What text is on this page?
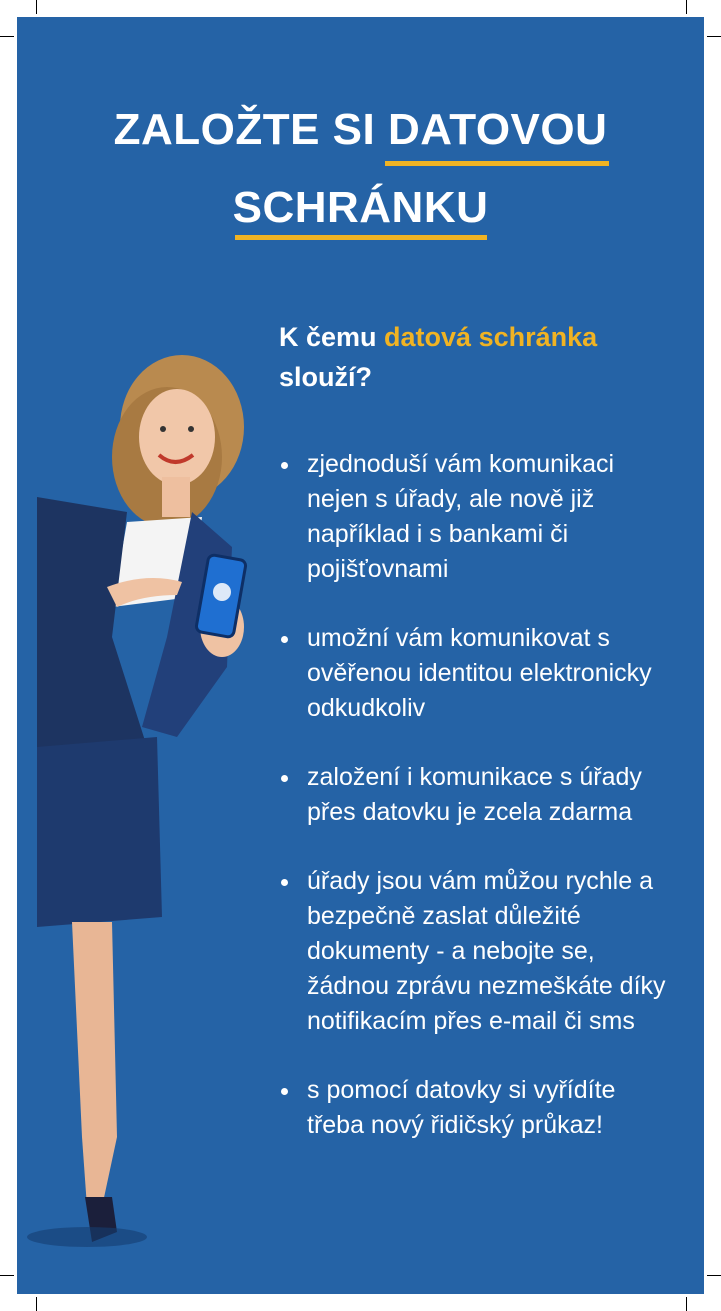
ZALOŽTE SI DATOVOU
SCHRÁNKU
K čemu datová schránka
slouží?
zjednoduší vám komunikaci nejen s úřady, ale nově již například i s bankami či pojišťovnami
umožní vám komunikovat s ověřenou identitou elektronicky odkudkoliv
založení i komunikace s úřady přes datovku je zcela zdarma
úřady jsou vám můžou rychle a bezpečně zaslat důležité dokumenty - a nebojte se, žádnou zprávu nezmeškáte díky notifikacím přes e-mail či sms
s pomocí datovky si vyřídíte třeba nový řidičský průkaz!
